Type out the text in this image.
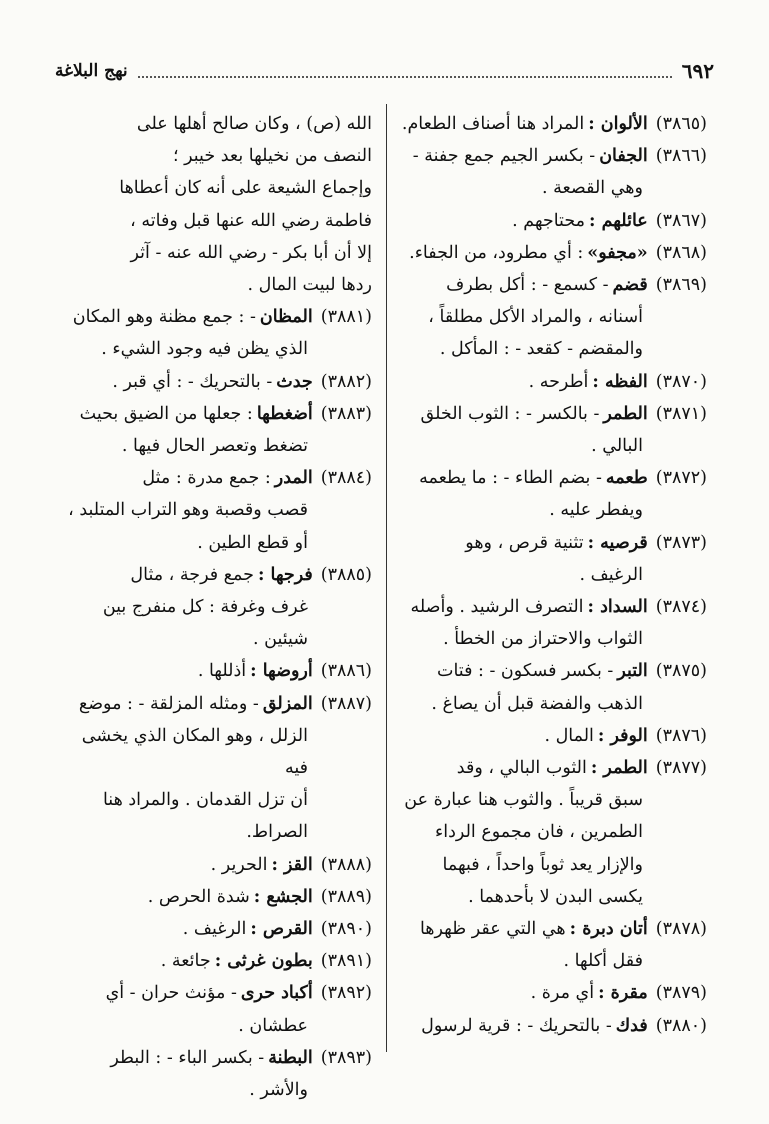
٦٩٢
نهج البلاغة

(٣٨٦٥)الألوان :المراد هنا أصناف الطعام.

(٣٨٦٦)الجفان- بكسر الجيم جمع جفنة -

وهي القصعة .

(٣٨٦٧)عائلهم :محتاجهم .

(٣٨٦٨)«مجفو»: أي مطرود، من الجفاء.

(٣٨٦٩)قضم- كسمع - : أكل بطرف

أسنانه ، والمراد الأكل مطلقاً ،

والمقضم - كقعد - : المأكل .

(٣٨٧٠)الفظه :أطرحه .

(٣٨٧١)الطمر- بالكسر - : الثوب الخلق

البالي .

(٣٨٧٢)طعمه- بضم الطاء - : ما يطعمه

ويفطر عليه .

(٣٨٧٣)قرصيه :تثنية قرص ، وهو

الرغيف .

(٣٨٧٤)السداد :التصرف الرشيد . وأصله

الثواب والاحتراز من الخطأ .

(٣٨٧٥)التبر- بكسر فسكون - : فتات

الذهب والفضة قبل أن يصاغ .

(٣٨٧٦)الوفر :المال .

(٣٨٧٧)الطمر :الثوب البالي ، وقد

سبق قريباً . والثوب هنا عبارة عن

الطمرين ، فان مجموع الرداء

والإزار يعد ثوباً واحداً ، فبهما

يكسى البدن لا بأحدهما .

(٣٨٧٨)أتان دبرة :هي التي عقر ظهرها

فقل أكلها .

(٣٨٧٩)مقرة :أي مرة .

(٣٨٨٠)فدك- بالتحريك - : قرية لرسول

الله (ص) ، وكان صالح أهلها على

النصف من نخيلها بعد خيبر ؛

وإجماع الشيعة على أنه كان أعطاها

فاطمة رضي الله عنها قبل وفاته ،

إلا أن أبا بكر - رضي الله عنه - آثر

ردها لبيت المال .

(٣٨٨١)المظان- : جمع مظنة وهو المكان

الذي يظن فيه وجود الشيء .

(٣٨٨٢)جدث- بالتحريك - : أي قبر .

(٣٨٨٣)أضغطها: جعلها من الضيق بحيث

تضغط وتعصر الحال فيها .

(٣٨٨٤)المدر: جمع مدرة : مثل

قصب وقصبة وهو التراب المتلبد ،

أو قطع الطين .

(٣٨٨٥)فرجها :جمع فرجة ، مثال

غرف وغرفة : كل منفرج بين

شيئين .

(٣٨٨٦)أروضها :أذللها .

(٣٨٨٧)المزلق- ومثله المزلقة - : موضع

الزلل ، وهو المكان الذي يخشى فيه

أن تزل القدمان . والمراد هنا الصراط.

(٣٨٨٨)القز :الحرير .

(٣٨٨٩)الجشع :شدة الحرص .

(٣٨٩٠)القرص :الرغيف .

(٣٨٩١)بطون غرثى :جائعة .

(٣٨٩٢)أكباد حرى- مؤنث حران - أي

عطشان .

(٣٨٩٣)البطنة- بكسر الباء - : البطر

والأشر .
